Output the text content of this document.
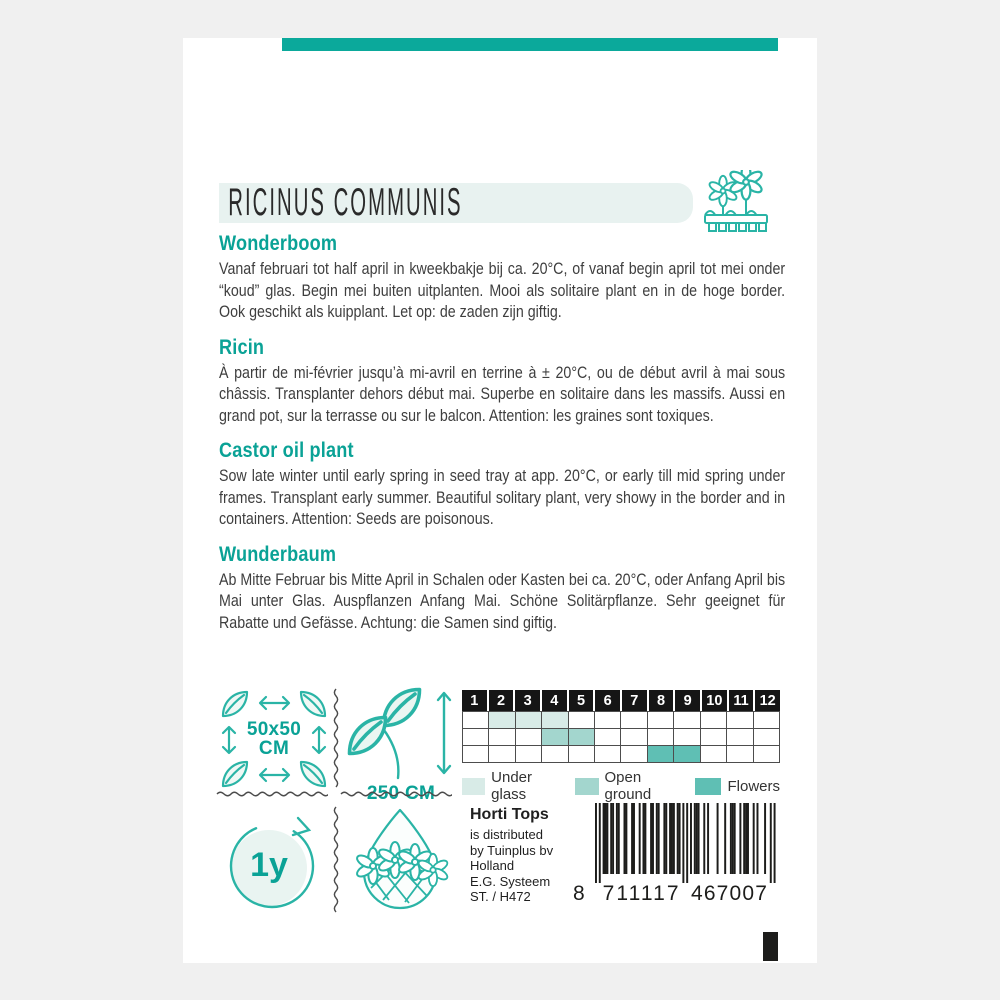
RICINUS COMMUNIS
Wonderboom

Vanaf februari tot half april in kweekbakje bij ca. 20°C, of vanaf begin april tot mei onder “koud” glas. Begin mei buiten uitplanten. Mooi als solitaire plant en in de hoge border. Ook geschikt als kuipplant. Let op: de zaden zijn giftig.

Ricin

À partir de mi-février jusqu’à mi-avril en terrine à ± 20°C, ou de début avril à mai sous châssis. Transplanter dehors début mai. Superbe en solitaire dans les massifs. Aussi en grand pot, sur la terrasse ou sur le balcon. Attention: les graines sont toxiques.

Castor oil plant

Sow late winter until early spring in seed tray at app. 20°C, or early till mid spring under frames. Transplant early summer. Beautiful solitary plant, very showy in the border and in containers. Attention: Seeds are poisonous.

Wunderbaum

Ab Mitte Februar bis Mitte April in Schalen oder Kasten bei ca. 20°C, oder Anfang April bis Mai unter Glas. Auspflanzen Anfang Mai. Schöne Solitärpflanze. Sehr geeignet für Rabatte und Gefässe. Achtung: die Samen sind giftig.

50x50
CM
250 CM
1y
1	2	3	4	5	6	7	8	9	10 11 12
Under glass
Open ground	Flowers
Horti Tops
is distributed
by Tuinplus bv
Holland
E.G. Systeem
ST. / H472	8 711117 467007
